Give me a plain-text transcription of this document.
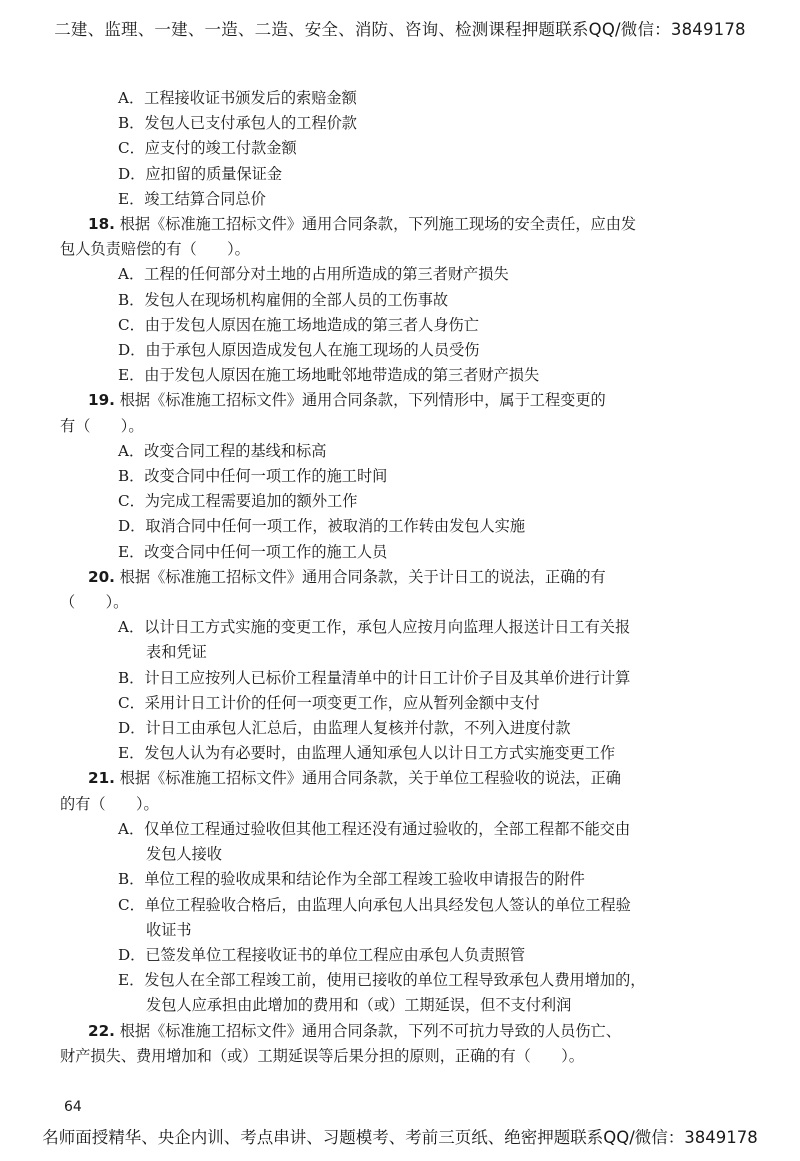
二建、监理、一建、一造、二造、安全、消防、咨询、检测课程押题联系QQ/微信：3849178
A．工程接收证书颁发后的索赔金额
B．发包人已支付承包人的工程价款
C．应支付的竣工付款金额
D．应扣留的质量保证金
E．竣工结算合同总价
18. 根据《标准施工招标文件》通用合同条款，下列施工现场的安全责任，应由发
包人负责赔偿的有（　　）。
A．工程的任何部分对土地的占用所造成的第三者财产损失
B．发包人在现场机构雇佣的全部人员的工伤事故
C．由于发包人原因在施工场地造成的第三者人身伤亡
D．由于承包人原因造成发包人在施工现场的人员受伤
E．由于发包人原因在施工场地毗邻地带造成的第三者财产损失
19. 根据《标准施工招标文件》通用合同条款，下列情形中，属于工程变更的
有（　　）。
A．改变合同工程的基线和标高
B．改变合同中任何一项工作的施工时间
C．为完成工程需要追加的额外工作
D．取消合同中任何一项工作，被取消的工作转由发包人实施
E．改变合同中任何一项工作的施工人员
20. 根据《标准施工招标文件》通用合同条款，关于计日工的说法，正确的有
（　　）。
A．以计日工方式实施的变更工作，承包人应按月向监理人报送计日工有关报
表和凭证
B．计日工应按列人已标价工程量清单中的计日工计价子目及其单价进行计算
C．采用计日工计价的任何一项变更工作，应从暂列金额中支付
D．计日工由承包人汇总后，由监理人复核并付款，不列入进度付款
E．发包人认为有必要时，由监理人通知承包人以计日工方式实施变更工作
21. 根据《标准施工招标文件》通用合同条款，关于单位工程验收的说法，正确
的有（　　）。
A．仅单位工程通过验收但其他工程还没有通过验收的，全部工程都不能交由
发包人接收
B．单位工程的验收成果和结论作为全部工程竣工验收申请报告的附件
C．单位工程验收合格后，由监理人向承包人出具经发包人签认的单位工程验
收证书
D．已签发单位工程接收证书的单位工程应由承包人负责照管
E．发包人在全部工程竣工前，使用已接收的单位工程导致承包人费用增加的，
发包人应承担由此增加的费用和（或）工期延误，但不支付利润
22. 根据《标准施工招标文件》通用合同条款，下列不可抗力导致的人员伤亡、
财产损失、费用增加和（或）工期延误等后果分担的原则，正确的有（　　）。
64
名师面授精华、央企内训、考点串讲、习题模考、考前三页纸、绝密押题联系QQ/微信：3849178
